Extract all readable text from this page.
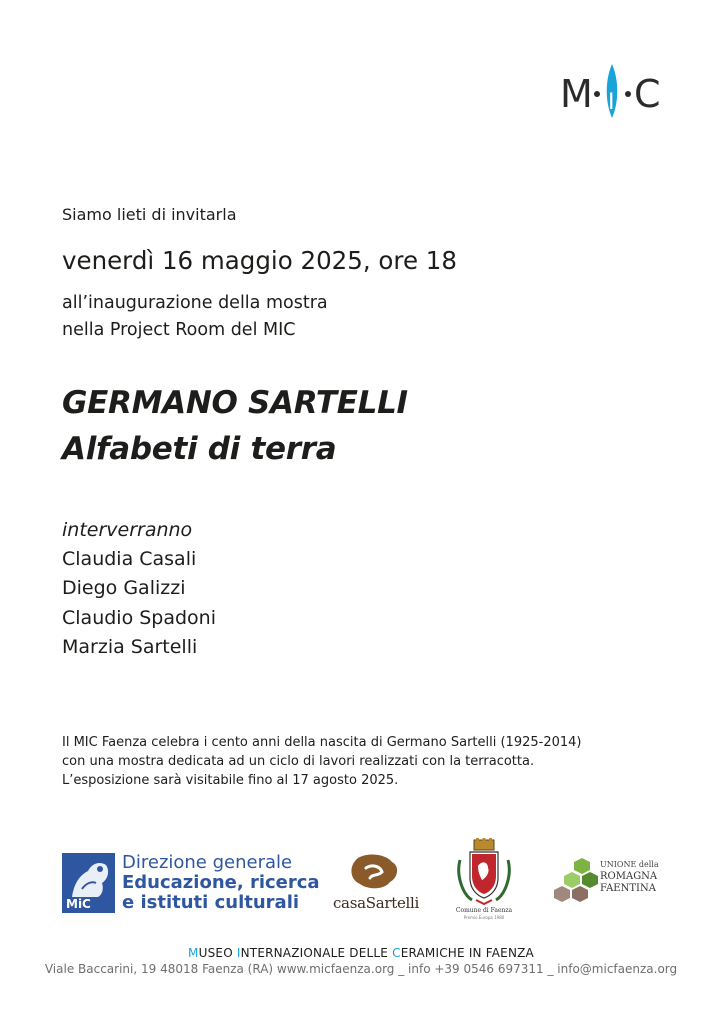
M I C
Siamo lieti di invitarla
venerdì 16 maggio 2025, ore 18
all’inaugurazione della mostra
nella Project Room del MIC
GERMANO SARTELLI
Alfabeti di terra
interverranno
Claudia Casali
Diego Galizzi
Claudio Spadoni
Marzia Sartelli
Il MIC Faenza celebra i cento anni della nascita di Germano Sartelli (1925-2014)
con una mostra dedicata ad un ciclo di lavori realizzati con la terracotta.
L’esposizione sarà visitabile fino al 17 agosto 2025.
MiC
Direzione generale
Educazione, ricerca
e istituti culturali	casaSartelli	Comune di Faenza
Premio Europa 1980
UNIONE della
ROMAGNA
FAENTINA
MUSEO INTERNAZIONALE DELLE CERAMICHE IN FAENZA
Viale Baccarini, 19 48018 Faenza (RA) www.micfaenza.org _ info +39 0546 697311 _ info@micfaenza.org
